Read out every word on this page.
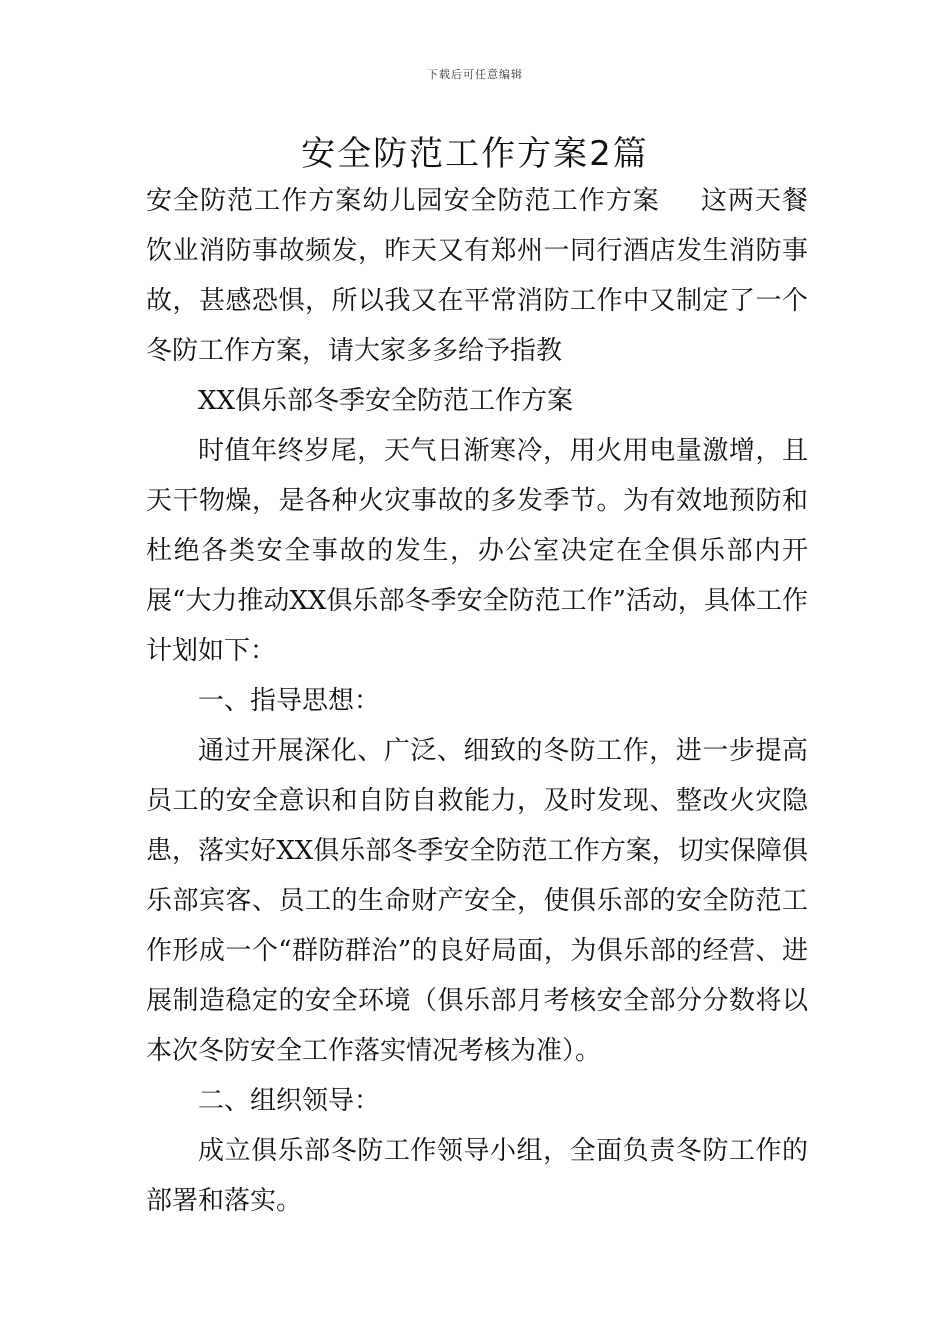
下载后可任意编辑
安全防范工作方案2篇

安全防范工作方案幼儿园安全防范工作方案 这两天餐饮业消防事故频发，昨天又有郑州一同行酒店发生消防事故，甚感恐惧，所以我又在平常消防工作中又制定了一个冬防工作方案，请大家多多给予指教

XX俱乐部冬季安全防范工作方案

时值年终岁尾，天气日渐寒冷，用火用电量激增，且天干物燥，是各种火灾事故的多发季节。为有效地预防和杜绝各类安全事故的发生，办公室决定在全俱乐部内开展“大力推动XX俱乐部冬季安全防范工作”活动，具体工作计划如下：

一、指导思想：

通过开展深化、广泛、细致的冬防工作，进一步提高员工的安全意识和自防自救能力，及时发现、整改火灾隐患，落实好XX俱乐部冬季安全防范工作方案，切实保障俱乐部宾客、员工的生命财产安全，使俱乐部的安全防范工作形成一个“群防群治”的良好局面，为俱乐部的经营、进展制造稳定的安全环境（俱乐部月考核安全部分分数将以本次冬防安全工作落实情况考核为准）。

二、组织领导：

成立俱乐部冬防工作领导小组，全面负责冬防工作的部署和落实。
